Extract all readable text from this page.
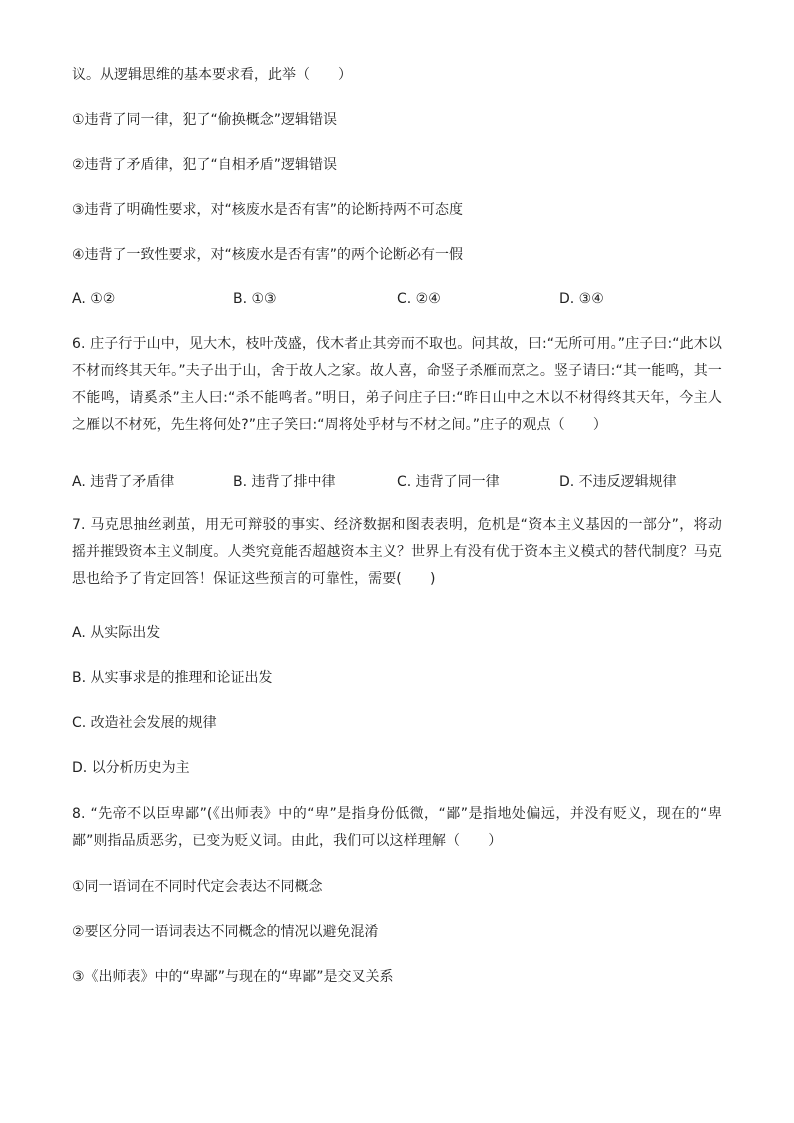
议。从逻辑思维的基本要求看，此举（　　）
①违背了同一律，犯了“偷换概念”逻辑错误
②违背了矛盾律，犯了“自相矛盾”逻辑错误
③违背了明确性要求，对“核废水是否有害”的论断持两不可态度
④违背了一致性要求，对“核废水是否有害”的两个论断必有一假
A. ①②	B. ①③	C. ②④	D. ③④
6. 庄子行于山中，见大木，枝叶茂盛，伐木者止其旁而不取也。问其故，曰:“无所可用。”庄子曰:“此木以不材而终其天年。”夫子出于山，舍于故人之家。故人喜，命竖子杀雁而烹之。竖子请曰:“其一能鸣，其一不能鸣，请奚杀”主人曰:“杀不能鸣者。”明日，弟子问庄子曰:“昨日山中之木以不材得终其天年，今主人之雁以不材死，先生将何处?”庄子笑曰:“周将处乎材与不材之间。”庄子的观点（　　）
A. 违背了矛盾律	B. 违背了排中律	C. 违背了同一律	D. 不违反逻辑规律
7. 马克思抽丝剥茧，用无可辩驳的事实、经济数据和图表表明，危机是“资本主义基因的一部分”，将动摇并摧毁资本主义制度。人类究竟能否超越资本主义？世界上有没有优于资本主义模式的替代制度？马克思也给予了肯定回答！保证这些预言的可靠性，需要(　　)
A. 从实际出发
B. 从实事求是的推理和论证出发
C. 改造社会发展的规律
D. 以分析历史为主
8. “先帝不以臣卑鄙”(《出师表》中的“卑”是指身份低微，“鄙”是指地处偏远，并没有贬义，现在的“卑鄙”则指品质恶劣，已变为贬义词。由此，我们可以这样理解（　　）
①同一语词在不同时代定会表达不同概念
②要区分同一语词表达不同概念的情况以避免混淆
③《出师表》中的“卑鄙”与现在的“卑鄙”是交叉关系
